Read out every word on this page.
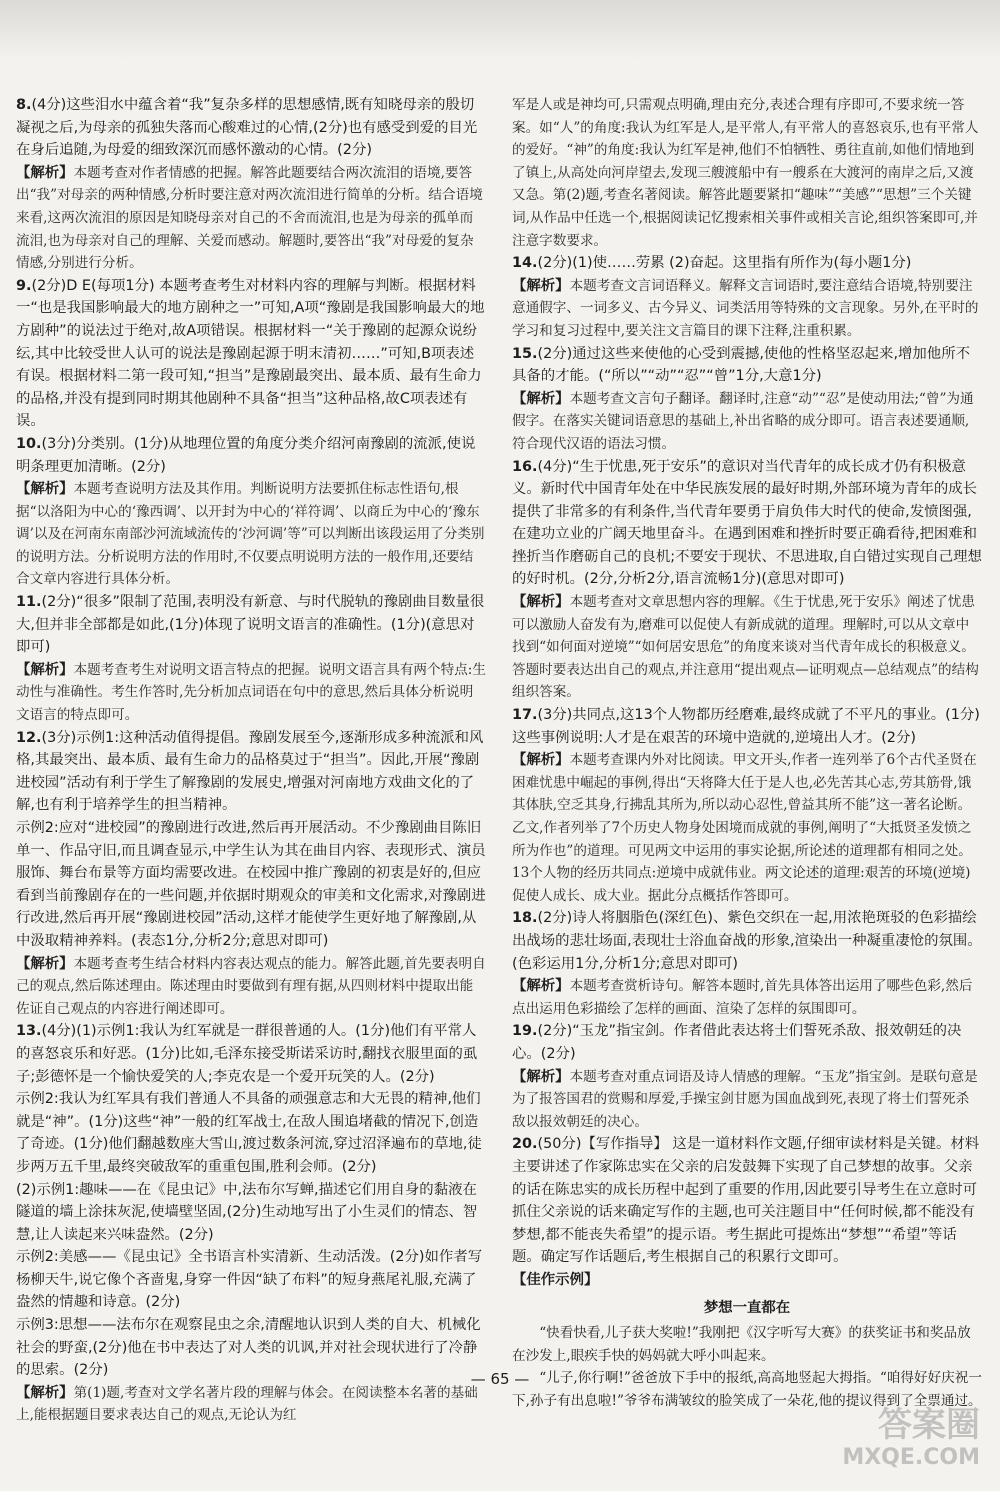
8.(4分)这些泪水中蕴含着“我”复杂多样的思想感情,既有知晓母亲的殷切凝视之后,为母亲的孤独失落而心酸难过的心情,(2分)也有感受到爱的目光在身后追随,为母爱的细致深沉而感怀激动的心情。(2分)
【解析】本题考查对作者情感的把握。解答此题要结合两次流泪的语境,要答出“我”对母亲的两种情感,分析时要注意对两次流泪进行简单的分析。结合语境来看,这两次流泪的原因是知晓母亲对自己的不舍而流泪,也是为母亲的孤单而流泪,也为母亲对自己的理解、关爱而感动。解题时,要答出“我”对母爱的复杂情感,分别进行分析。
9.(2分)D E(每项1分) 本题考查考生对材料内容的理解与判断。根据材料一“也是我国影响最大的地方剧种之一”可知,A项“豫剧是我国影响最大的地方剧种”的说法过于绝对,故A项错误。根据材料一“关于豫剧的起源众说纷纭,其中比较受世人认可的说法是豫剧起源于明末清初……”可知,B项表述有误。根据材料二第一段可知,“担当”是豫剧最突出、最本质、最有生命力的品格,并没有提到同时期其他剧种不具备“担当”这种品格,故C项表述有误。
10.(3分)分类别。(1分)从地理位置的角度分类介绍河南豫剧的流派,使说明条理更加清晰。(2分)
【解析】本题考查说明方法及其作用。判断说明方法要抓住标志性语句,根据“以洛阳为中心的‘豫西调’、以开封为中心的‘祥符调’、以商丘为中心的‘豫东调’以及在河南东南部沙河流域流传的‘沙河调’等”可以判断出该段运用了分类别的说明方法。分析说明方法的作用时,不仅要点明说明方法的一般作用,还要结合文章内容进行具体分析。
11.(2分)“很多”限制了范围,表明没有新意、与时代脱轨的豫剧曲目数量很大,但并非全部都是如此,(1分)体现了说明文语言的准确性。(1分)(意思对即可)
【解析】本题考查考生对说明文语言特点的把握。说明文语言具有两个特点:生动性与准确性。考生作答时,先分析加点词语在句中的意思,然后具体分析说明文语言的特点即可。
12.(3分)示例1:这种活动值得提倡。豫剧发展至今,逐渐形成多种流派和风格,其最突出、最本质、最有生命力的品格莫过于“担当”。因此,开展“豫剧进校园”活动有利于学生了解豫剧的发展史,增强对河南地方戏曲文化的了解,也有利于培养学生的担当精神。
示例2:应对“进校园”的豫剧进行改进,然后再开展活动。不少豫剧曲目陈旧单一、作品守旧,而且调查显示,中学生认为其在曲目内容、表现形式、演员服饰、舞台布景等方面均需要改进。在校园中推广豫剧的初衷是好的,但应看到当前豫剧存在的一些问题,并依据时期观众的审美和文化需求,对豫剧进行改进,然后再开展“豫剧进校园”活动,这样才能使学生更好地了解豫剧,从中汲取精神养料。(表态1分,分析2分;意思对即可)
【解析】本题考查考生结合材料内容表达观点的能力。解答此题,首先要表明自己的观点,然后陈述理由。陈述理由时要做到有理有据,从四则材料中提取出能佐证自己观点的内容进行阐述即可。
13.(4分)(1)示例1:我认为红军就是一群很普通的人。(1分)他们有平常人的喜怒哀乐和好恶。(1分)比如,毛泽东接受斯诺采访时,翻找衣服里面的虱子;彭德怀是一个愉快爱笑的人;李克农是一个爱开玩笑的人。(2分)
示例2:我认为红军具有我们普通人不具备的顽强意志和大无畏的精神,他们就是“神”。(1分)这些“神”一般的红军战士,在敌人围追堵截的情况下,创造了奇迹。(1分)他们翻越数座大雪山,渡过数条河流,穿过沼泽遍布的草地,徒步两万五千里,最终突破敌军的重重包围,胜利会师。(2分)
(2)示例1:趣味——在《昆虫记》中,法布尔写蝉,描述它们用自身的黏液在隧道的墙上涂抹灰泥,使墙壁坚固,(2分)生动地写出了小生灵们的情态、智慧,让人读起来兴味盎然。(2分)
示例2:美感——《昆虫记》全书语言朴实清新、生动活泼。(2分)如作者写杨柳天牛,说它像个吝啬鬼,身穿一件因“缺了布料”的短身燕尾礼服,充满了盎然的情趣和诗意。(2分)
示例3:思想——法布尔在观察昆虫之余,清醒地认识到人类的自大、机械化社会的野蛮,(2分)他在书中表达了对人类的讥讽,并对社会现状进行了冷静的思索。(2分)
【解析】第(1)题,考查对文学名著片段的理解与体会。在阅读整本名著的基础上,能根据题目要求表达自己的观点,无论认为红
军是人或是神均可,只需观点明确,理由充分,表述合理有序即可,不要求统一答案。如“人”的角度:我认为红军是人,是平常人,有平常人的喜怒哀乐,也有平常人的爱好。“神”的角度:我认为红军是神,他们不怕牺牲、勇往直前,如他们情地到了镇上,从高处向河岸望去,发现三艘渡船中有一艘系在大渡河的南岸之后,又渡又急。第(2)题,考查名著阅读。解答此题要紧扣“趣味”“美感”“思想”三个关键词,从作品中任选一个,根据阅读记忆搜索相关事件或相关言论,组织答案即可,并注意字数要求。
14.(2分)(1)使……劳累 (2)奋起。这里指有所作为(每小题1分)
【解析】本题考查文言词语释义。解释文言词语时,要注意结合语境,特别要注意通假字、一词多义、古今异义、词类活用等特殊的文言现象。另外,在平时的学习和复习过程中,要关注文言篇目的课下注释,注重积累。
15.(2分)通过这些来使他的心受到震撼,使他的性格坚忍起来,增加他所不具备的才能。(“所以”“动”“忍”“曾”1分,大意1分)
【解析】本题考查文言句子翻译。翻译时,注意“动”“忍”是使动用法;“曾”为通假字。在落实关键词语意思的基础上,补出省略的成分即可。语言表述要通顺,符合现代汉语的语法习惯。
16.(4分)“生于忧患,死于安乐”的意识对当代青年的成长成才仍有积极意义。新时代中国青年处在中华民族发展的最好时期,外部环境为青年的成长提供了非常多的有利条件,当代青年要勇于肩负伟大时代的使命,发愤图强,在建功立业的广阔天地里奋斗。在遇到困难和挫折时要正确看待,把困难和挫折当作磨砺自己的良机;不要安于现状、不思进取,自白错过实现自己理想的好时机。(2分,分析2分,语言流畅1分)(意思对即可)
【解析】本题考查对文章思想内容的理解。《生于忧患,死于安乐》阐述了忧患可以激励人奋发有为,磨难可以促使人有新成就的道理。理解时,可以从文章中找到“如何面对逆境”“如何居安思危”的角度来谈对当代青年成长的积极意义。答题时要表达出自己的观点,并注意用“提出观点—证明观点—总结观点”的结构组织答案。
17.(3分)共同点,这13个人物都历经磨难,最终成就了不平凡的事业。(1分)这些事例说明:人才是在艰苦的环境中造就的,逆境出人才。(2分)
【解析】本题考查课内外对比阅读。甲文开头,作者一连列举了6个古代圣贤在困难忧患中崛起的事例,得出“天将降大任于是人也,必先苦其心志,劳其筋骨,饿其体肤,空乏其身,行拂乱其所为,所以动心忍性,曾益其所不能”这一著名论断。乙文,作者列举了7个历史人物身处困境而成就的事例,阐明了“大抵贤圣发愤之所为作也”的道理。可见两文中运用的事实论据,所论述的道理都有相同之处。13个人物的经历共同点:逆境中成就伟业。两文论述的道理:艰苦的环境(逆境)促使人成长、成大业。据此分点概括作答即可。
18.(2分)诗人将胭脂色(深红色)、紫色交织在一起,用浓艳斑驳的色彩描绘出战场的悲壮场面,表现壮士浴血奋战的形象,渲染出一种凝重凄怆的氛围。(色彩运用1分,分析1分;意思对即可)
【解析】本题考查赏析诗句。解答本题时,首先具体答出运用了哪些色彩,然后点出运用色彩描绘了怎样的画面、渲染了怎样的氛围即可。
19.(2分)“玉龙”指宝剑。作者借此表达将士们誓死杀敌、报效朝廷的决心。(2分)
【解析】本题考查对重点词语及诗人情感的理解。“玉龙”指宝剑。是联句意是为了报答国君的赏赐和厚爱,手操宝剑甘愿为国血战到死,表现了将士们誓死杀敌以报效朝廷的决心。
20.(50分)【写作指导】 这是一道材料作文题,仔细审读材料是关键。材料主要讲述了作家陈忠实在父亲的启发鼓舞下实现了自己梦想的故事。父亲的话在陈忠实的成长历程中起到了重要的作用,因此要引导考生在立意时可抓住父亲说的话来确定写作的主题,也可关注题目中“任何时候,都不能没有梦想,都不能丧失希望”的提示语。考生据此可提炼出“梦想”“希望”等话题。确定写作话题后,考生根据自己的积累行文即可。
【佳作示例】
梦想一直都在

“快看快看,儿子获大奖啦!”我刚把《汉字听写大赛》的获奖证书和奖品放在沙发上,眼疾手快的妈妈就大呼小叫起来。

“儿子,你行啊!”爸爸放下手中的报纸,高高地竖起大拇指。“咱得好好庆祝一下,孙子有出息啦!”爷爷布满皱纹的脸笑成了一朵花,他的提议得到了全票通过。

— 65 —
答案圈
MXQE.COM
